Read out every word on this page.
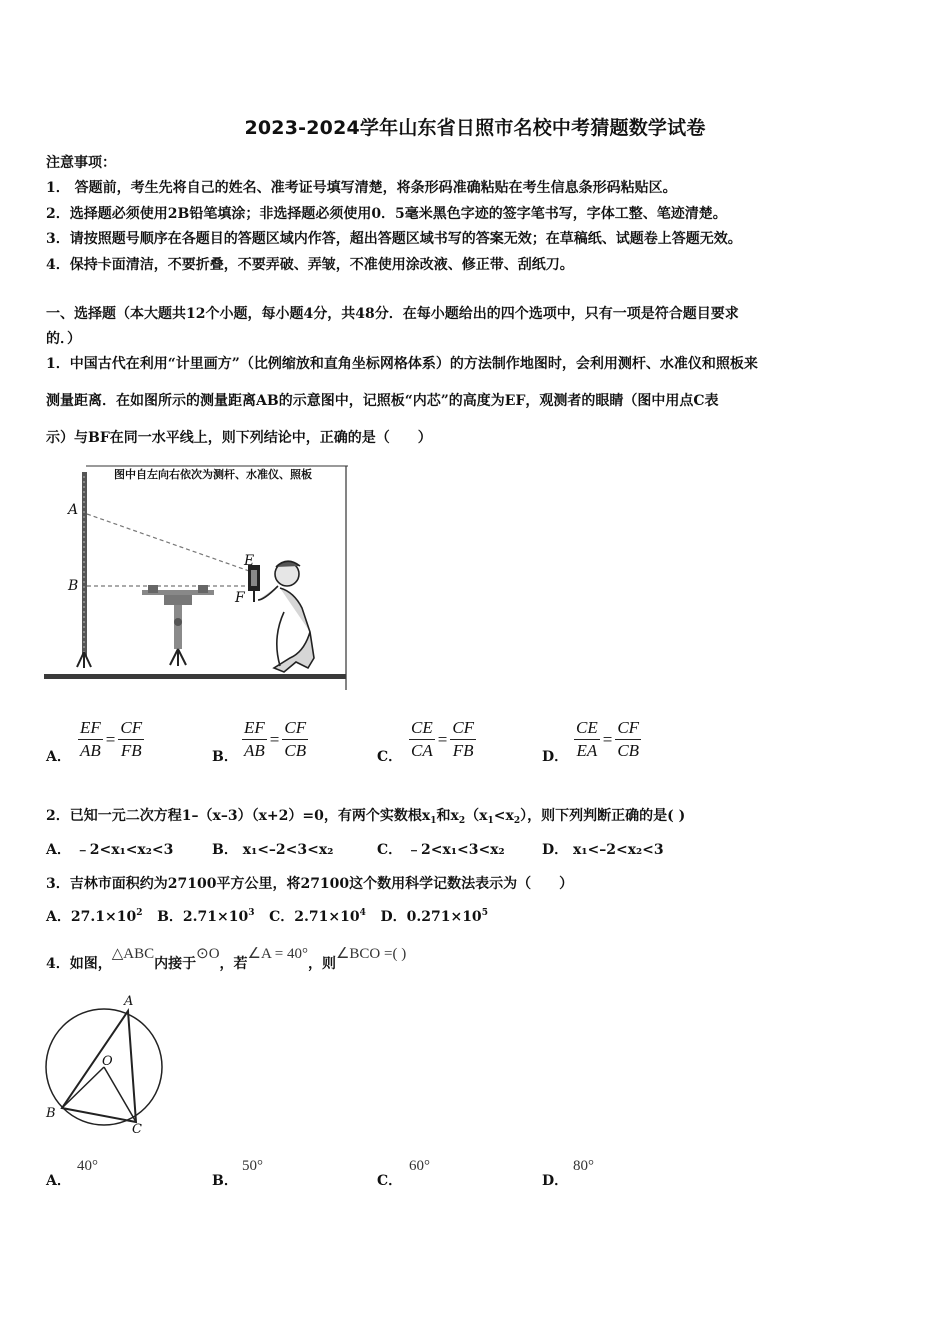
2023-2024学年山东省日照市名校中考猜题数学试卷
注意事项：
1． 答题前，考生先将自己的姓名、准考证号填写清楚，将条形码准确粘贴在考生信息条形码粘贴区。
2．选择题必须使用2B铅笔填涂；非选择题必须使用0．5毫米黑色字迹的签字笔书写，字体工整、笔迹清楚。
3．请按照题号顺序在各题目的答题区域内作答，超出答题区域书写的答案无效；在草稿纸、试题卷上答题无效。
4．保持卡面清洁，不要折叠，不要弄破、弄皱，不准使用涂改液、修正带、刮纸刀。
一、选择题（本大题共12个小题，每小题4分，共48分．在每小题给出的四个选项中，只有一项是符合题目要求
的．）
1．中国古代在利用“计里画方”（比例缩放和直角坐标网格体系）的方法制作地图时，会利用测杆、水准仪和照板来
测量距离．在如图所示的测量距离AB的示意图中，记照板“内芯”的高度为EF，观测者的眼睛（图中用点C表
示）与BF在同一水平线上，则下列结论中，正确的是（　　）
图中自左向右依次为测杆、水准仪、照板
A
B
E
F
A． $\frac{EF}{AB} = \frac{CF}{FB}$	B． $\frac{EF}{AB} = \frac{CF}{CB}$	C． $\frac{CE}{CA} = \frac{CF}{FB}$	D． $\frac{CE}{EA} = \frac{CF}{CB}$
2．已知一元二次方程1–（x–3）（x+2）=0，有两个实数根$x_1$和$x_2(x_1<x_2)$，则下列判断正确的是( )
A． ﹣2<x₁<x₂<3	B． x₁<–2<3<x₂	C． ﹣2<x₁<3<x₂	D． x₁<–2<x₂<3
3．吉林市面积约为27100平方公里，将27100这个数用科学记数法表示为（　　）
A．$27.1\times 10^2$ B．$2.71\times 10^3$ C．$2.71\times 10^4$ D．$0.271\times 10^5$
4．如图，△ABC内接于⊙O，若∠A = 40°，则∠BCO =( )
A
O
B
C
A．
40°
B．
50°
C．
60°
D．
80°
